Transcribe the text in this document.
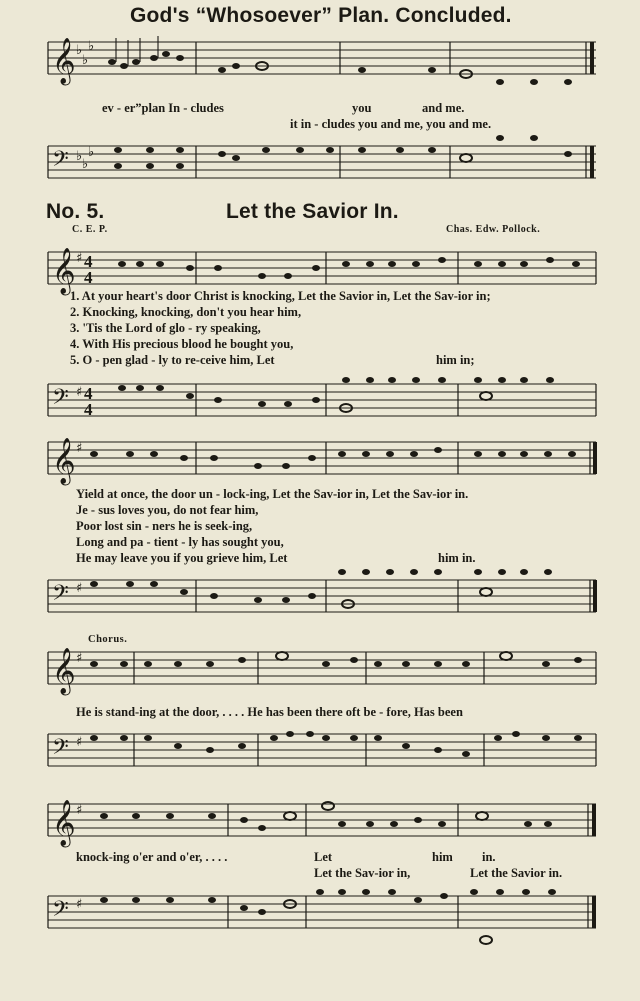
God's “Whosoever” Plan. Concluded.
𝄞 ♭
♭
♭
ev - er”plan In - cludes	you	and me.
it in - cludes you and me, you and me.
𝄢 ♭
♭
♭
No. 5.	Let the Savior In.
C. E. P.	Chas. Edw. Pollock.
𝄞 ♯ 4
4
1. At your heart's door Christ is knocking, Let the Savior in, Let the Sav-ior in;
2. Knocking, knocking, don't you hear him,
3. 'Tis the Lord of glo - ry speaking,
4. With His precious blood he bought you,
5. O - pen glad - ly to re-ceive him, Let	him in;
𝄢 ♯ 4
4
𝄞 ♯
Yield at once, the door un - lock-ing, Let the Sav-ior in, Let the Sav-ior in.
Je - sus loves you, do not fear him,
Poor lost sin - ners he is seek-ing,
Long and pa - tient - ly has sought you,
He may leave you if you grieve him, Let	him in.
𝄢 ♯
Chorus.
𝄞 ♯
He is stand-ing at the door, . . . . He has been there oft be - fore, Has been
𝄢 ♯
𝄞 ♯
knock-ing o'er and o'er, . . . .	Let	him in.
Let the Sav-ior in,	Let the Savior in.
𝄢 ♯
